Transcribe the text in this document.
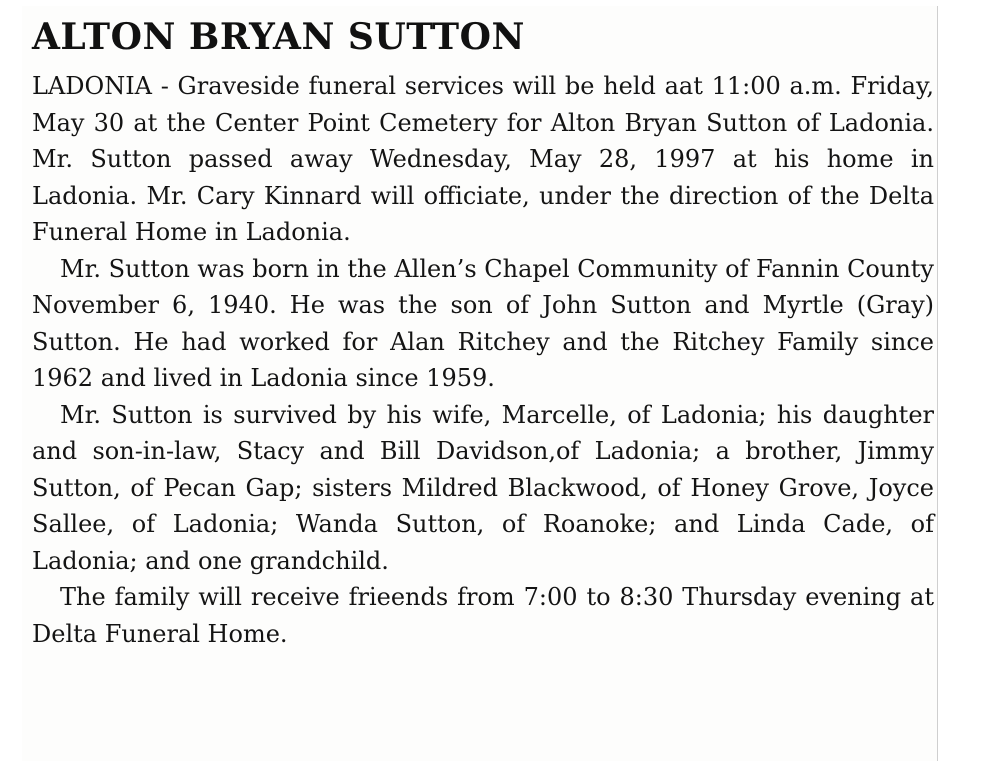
ALTON BRYAN SUTTON

LADONIA - Graveside funeral services will be held aat 11:00 a.m. Friday, May 30 at the Center Point Cemetery for Alton Bryan Sutton of Ladonia. Mr. Sutton passed away Wednesday, May 28, 1997 at his home in Ladonia. Mr. Cary Kinnard will officiate, under the direction of the Delta Funeral Home in Ladonia.

Mr. Sutton was born in the Allen’s Chapel Community of Fannin County November 6, 1940. He was the son of John Sutton and Myrtle (Gray) Sutton. He had worked for Alan Ritchey and the Ritchey Family since 1962 and lived in Ladonia since 1959.

Mr. Sutton is survived by his wife, Marcelle, of Ladonia; his daughter and son-in-law, Stacy and Bill Davidson,of Ladonia; a brother, Jimmy Sutton, of Pecan Gap; sisters Mildred Blackwood, of Honey Grove, Joyce Sallee, of Ladonia; Wanda Sutton, of Roanoke; and Linda Cade, of Ladonia; and one grandchild.

The family will receive frieends from 7:00 to 8:30 Thursday evening at Delta Funeral Home.
